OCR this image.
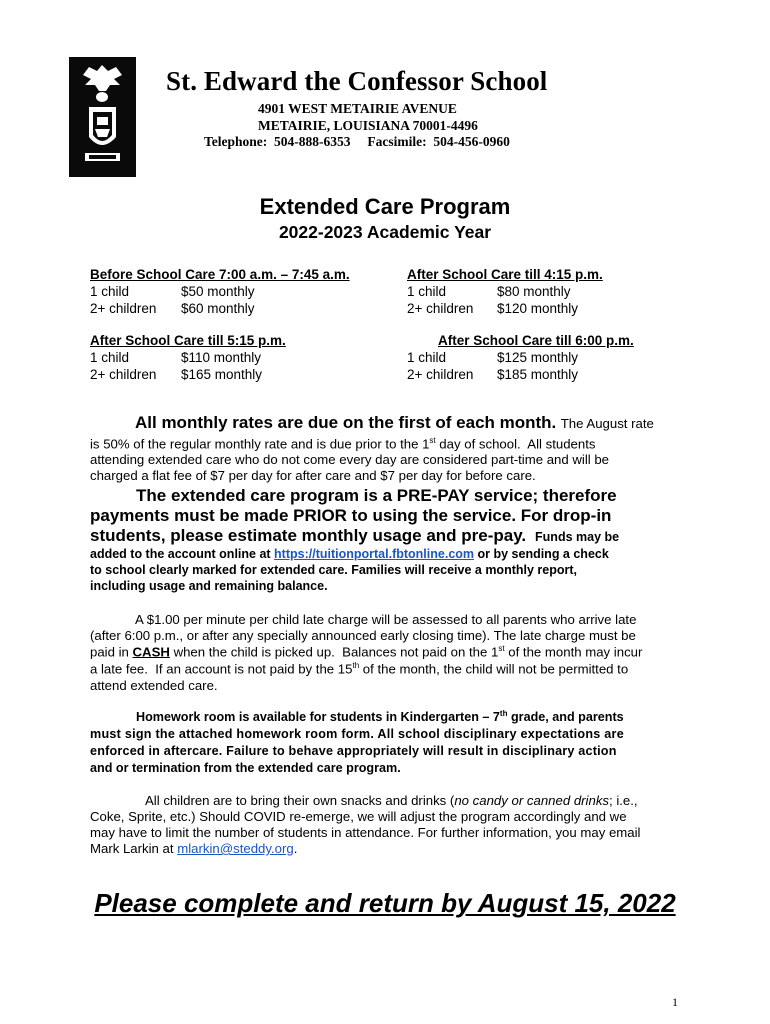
St. Edward the Confessor School
4901 WEST METAIRIE AVENUE
METAIRIE, LOUISIANA 70001-4496
Telephone:  504-888-6353     Facsimile:  504-456-0960
Extended Care Program
2022-2023 Academic Year
Before School Care 7:00 a.m. – 7:45 a.m.
1 child	$50 monthly
2+ children $60 monthly
After School Care till 4:15 p.m.
1 child	$80 monthly
2+ children $120 monthly
After School Care till 5:15 p.m.
1 child	$110 monthly
2+ children $165 monthly
After School Care till 6:00 p.m.
1 child	$125 monthly
2+ children $185 monthly
All monthly rates are due on the first of each month. The August rate
is 50% of the regular monthly rate and is due prior to the 1st day of school.  All students
attending extended care who do not come every day are considered part-time and will be
charged a flat fee of $7 per day for after care and $7 per day for before care.
The extended care program is a PRE-PAY service; therefore
payments must be made PRIOR to using the service. For drop-in
students, please estimate monthly usage and pre-pay. Funds may be
added to the account online at https://tuitionportal.fbtonline.com or by sending a check
to school clearly marked for extended care. Families will receive a monthly report,
including usage and remaining balance.
A $1.00 per minute per child late charge will be assessed to all parents who arrive late
(after 6:00 p.m., or after any specially announced early closing time). The late charge must be
paid in CASH when the child is picked up.  Balances not paid on the 1st of the month may incur
a late fee.  If an account is not paid by the 15th of the month, the child will not be permitted to
attend extended care.
Homework room is available for students in Kindergarten – 7th grade, and parents
must sign the attached homework room form. All school disciplinary expectations are
enforced in aftercare. Failure to behave appropriately will result in disciplinary action
and or termination from the extended care program.
All children are to bring their own snacks and drinks (no candy or canned drinks; i.e.,
Coke, Sprite, etc.) Should COVID re-emerge, we will adjust the program accordingly and we
may have to limit the number of students in attendance. For further information, you may email
Mark Larkin at mlarkin@steddy.org.
Please complete and return by August 15, 2022
1
